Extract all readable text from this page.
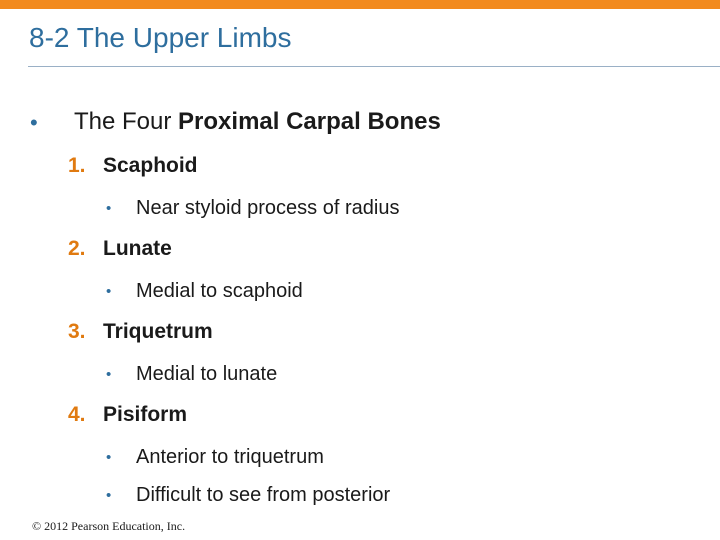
8-2 The Upper Limbs
• The Four Proximal Carpal Bones
1. Scaphoid
• Near styloid process of radius
2. Lunate
• Medial to scaphoid
3. Triquetrum
• Medial to lunate
4. Pisiform
• Anterior to triquetrum
• Difficult to see from posterior
© 2012 Pearson Education, Inc.
